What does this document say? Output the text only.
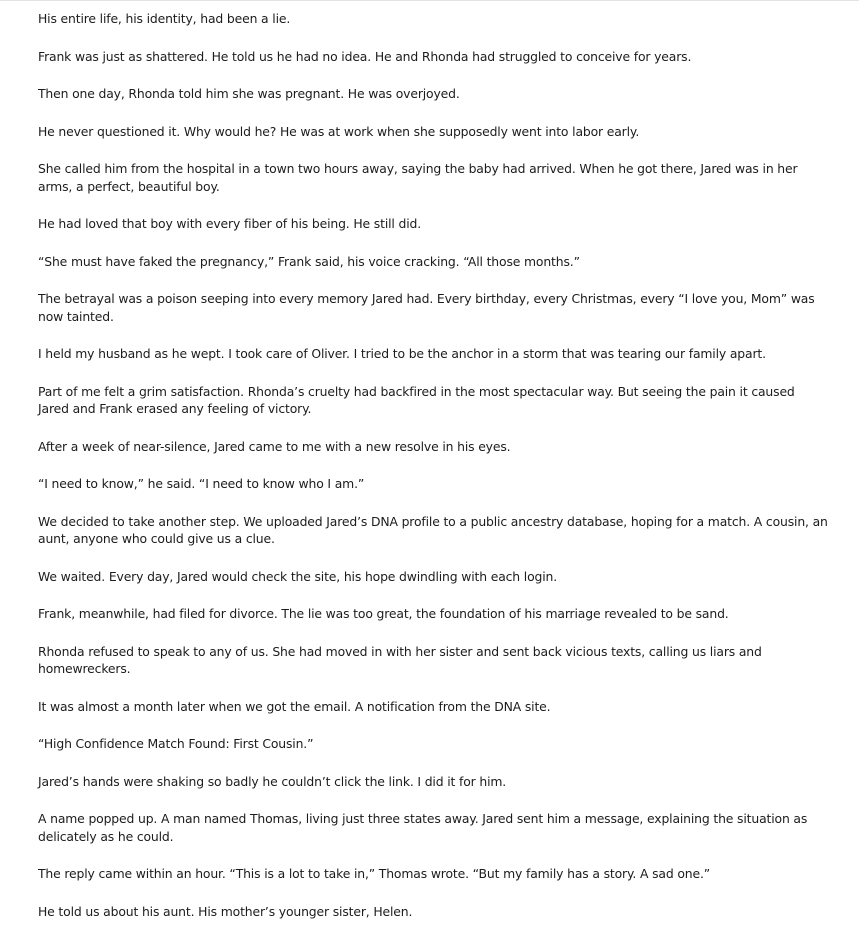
His entire life, his identity, had been a lie.

Frank was just as shattered. He told us he had no idea. He and Rhonda had struggled to conceive for years.

Then one day, Rhonda told him she was pregnant. He was overjoyed.

He never questioned it. Why would he? He was at work when she supposedly went into labor early.

She called him from the hospital in a town two hours away, saying the baby had arrived. When he got there, Jared was in her arms, a perfect, beautiful boy.

He had loved that boy with every fiber of his being. He still did.

“She must have faked the pregnancy,” Frank said, his voice cracking. “All those months.”

The betrayal was a poison seeping into every memory Jared had. Every birthday, every Christmas, every “I love you, Mom” was now tainted.

I held my husband as he wept. I took care of Oliver. I tried to be the anchor in a storm that was tearing our family apart.

Part of me felt a grim satisfaction. Rhonda’s cruelty had backfired in the most spectacular way. But seeing the pain it caused Jared and Frank erased any feeling of victory.

After a week of near-silence, Jared came to me with a new resolve in his eyes.

“I need to know,” he said. “I need to know who I am.”

We decided to take another step. We uploaded Jared’s DNA profile to a public ancestry database, hoping for a match. A cousin, an aunt, anyone who could give us a clue.

We waited. Every day, Jared would check the site, his hope dwindling with each login.

Frank, meanwhile, had filed for divorce. The lie was too great, the foundation of his marriage revealed to be sand.

Rhonda refused to speak to any of us. She had moved in with her sister and sent back vicious texts, calling us liars and homewreckers.

It was almost a month later when we got the email. A notification from the DNA site.

“High Confidence Match Found: First Cousin.”

Jared’s hands were shaking so badly he couldn’t click the link. I did it for him.

A name popped up. A man named Thomas, living just three states away. Jared sent him a message, explaining the situation as delicately as he could.

The reply came within an hour. “This is a lot to take in,” Thomas wrote. “But my family has a story. A sad one.”

He told us about his aunt. His mother’s younger sister, Helen.
